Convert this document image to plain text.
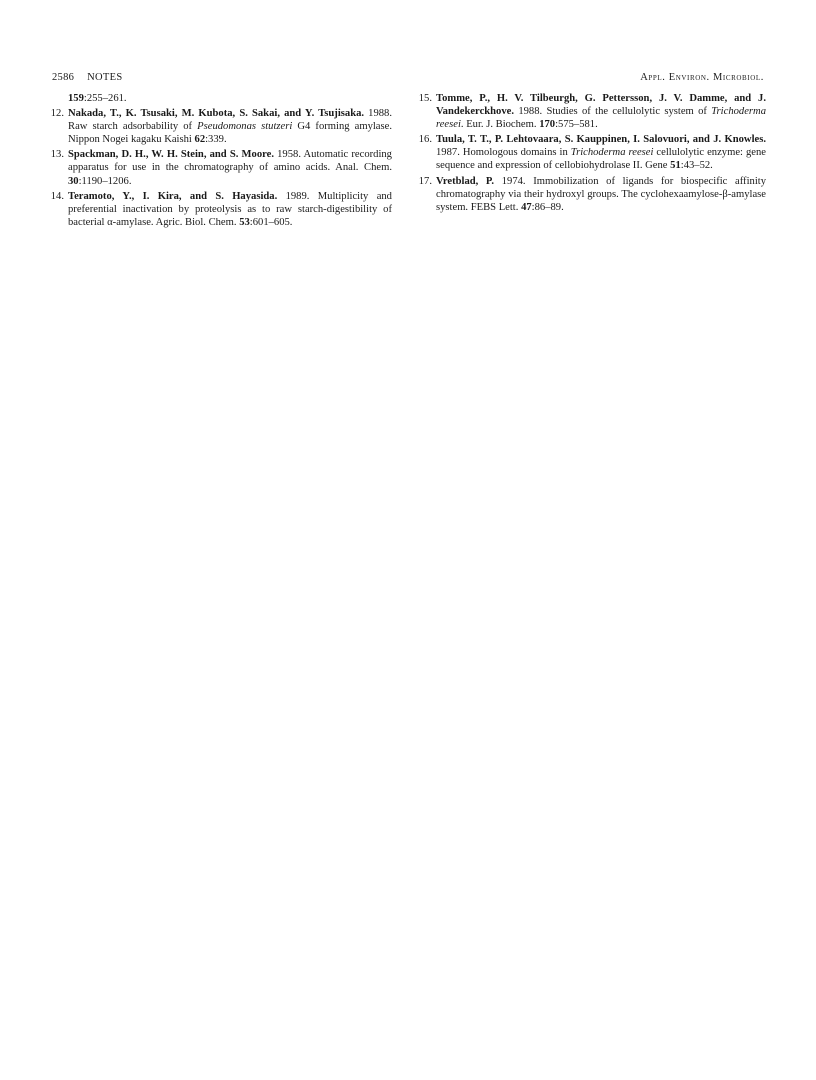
2586 NOTES	Appl. Environ. Microbiol.
159:255–261.
12. Nakada, T., K. Tsusaki, M. Kubota, S. Sakai, and Y. Tsujisaka. 1988. Raw starch adsorbability of Pseudomonas stutzeri G4 forming amylase. Nippon Nogei kagaku Kaishi 62:339.
13. Spackman, D. H., W. H. Stein, and S. Moore. 1958. Automatic recording apparatus for use in the chromatography of amino acids. Anal. Chem. 30:1190–1206.
14. Teramoto, Y., I. Kira, and S. Hayasida. 1989. Multiplicity and preferential inactivation by proteolysis as to raw starch-digestibility of bacterial α-amylase. Agric. Biol. Chem. 53:601–605.
15. Tomme, P., H. V. Tilbeurgh, G. Pettersson, J. V. Damme, and J. Vandekerckhove. 1988. Studies of the cellulolytic system of Trichoderma reesei. Eur. J. Biochem. 170:575–581.
16. Tuula, T. T., P. Lehtovaara, S. Kauppinen, I. Salovuori, and J. Knowles. 1987. Homologous domains in Trichoderma reesei cellulolytic enzyme: gene sequence and expression of cellobiohydrolase II. Gene 51:43–52.
17. Vretblad, P. 1974. Immobilization of ligands for biospecific affinity chromatography via their hydroxyl groups. The cyclohexaamylose-β-amylase system. FEBS Lett. 47:86–89.
